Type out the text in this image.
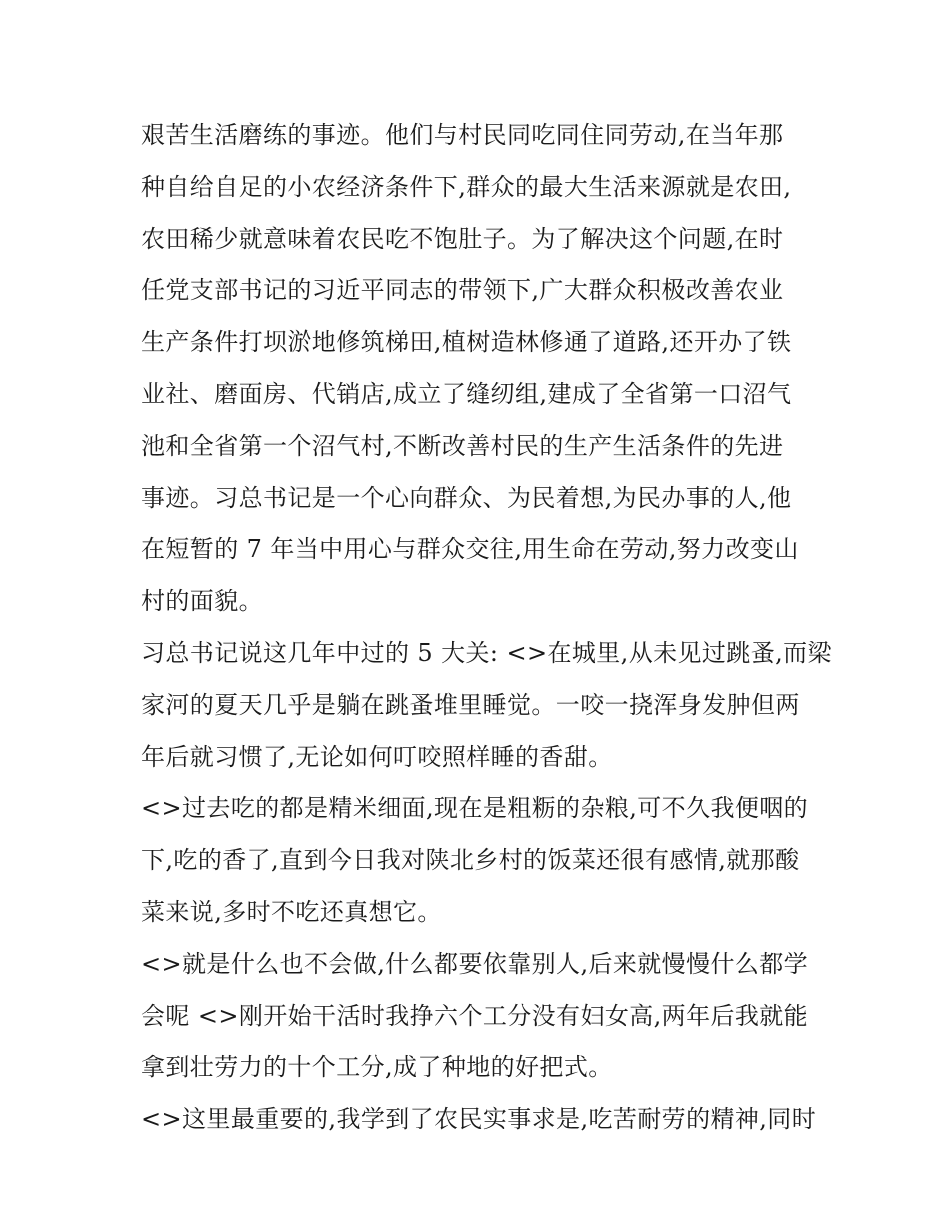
艰苦生活磨练的事迹。他们与村民同吃同住同劳动,在当年那
种自给自足的小农经济条件下,群众的最大生活来源就是农田,
农田稀少就意味着农民吃不饱肚子。为了解决这个问题,在时
任党支部书记的习近平同志的带领下,广大群众积极改善农业
生产条件打坝淤地修筑梯田,植树造林修通了道路,还开办了铁
业社、磨面房、代销店,成立了缝纫组,建成了全省第一口沼气
池和全省第一个沼气村,不断改善村民的生产生活条件的先进
事迹。习总书记是一个心向群众、为民着想,为民办事的人,他
在短暂的 7 年当中用心与群众交往,用生命在劳动,努力改变山
村的面貌。
习总书记说这几年中过的 5 大关: <>在城里,从未见过跳蚤,而梁
家河的夏天几乎是躺在跳蚤堆里睡觉。一咬一挠浑身发肿但两
年后就习惯了,无论如何叮咬照样睡的香甜。
<>过去吃的都是精米细面,现在是粗粝的杂粮,可不久我便咽的
下,吃的香了,直到今日我对陕北乡村的饭菜还很有感情,就那酸
菜来说,多时不吃还真想它。
<>就是什么也不会做,什么都要依靠别人,后来就慢慢什么都学
会呢 <>刚开始干活时我挣六个工分没有妇女高,两年后我就能
拿到壮劳力的十个工分,成了种地的好把式。
<>这里最重要的,我学到了农民实事求是,吃苦耐劳的精神,同时
